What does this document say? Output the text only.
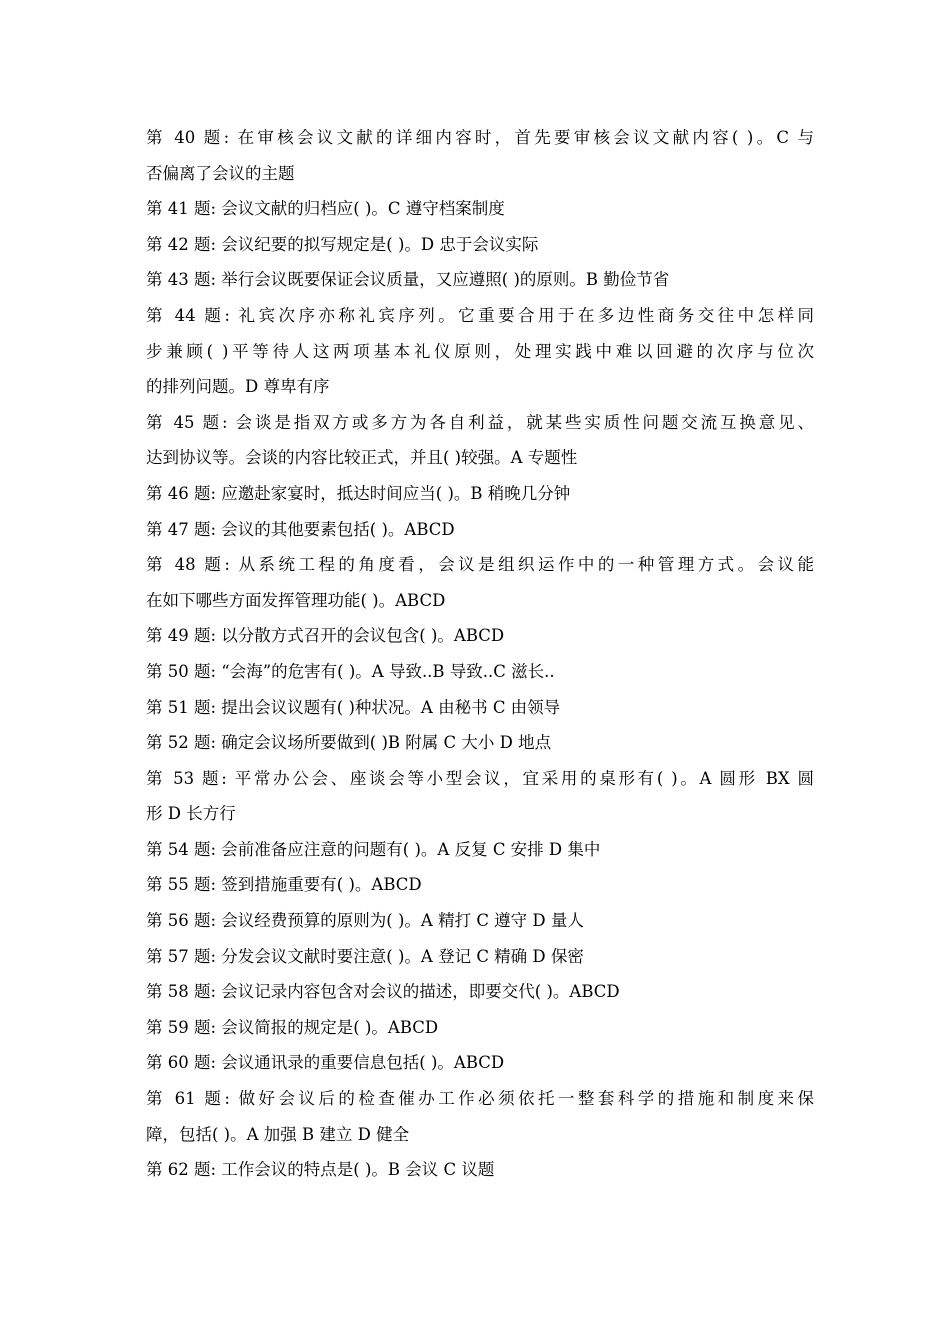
第 40 题: 在审核会议文献的详细内容时，首先要审核会议文献内容( )。C 与
否偏离了会议的主题
第 41 题: 会议文献的归档应( )。C 遵守档案制度
第 42 题: 会议纪要的拟写规定是( )。D 忠于会议实际
第 43 题: 举行会议既要保证会议质量，又应遵照( )的原则。B 勤俭节省
第 44 题: 礼宾次序亦称礼宾序列。它重要合用于在多边性商务交往中怎样同
步兼顾( )平等待人这两项基本礼仪原则，处理实践中难以回避的次序与位次
的排列问题。D 尊卑有序
第 45 题: 会谈是指双方或多方为各自利益，就某些实质性问题交流互换意见、
达到协议等。会谈的内容比较正式，并且( )较强。A 专题性
第 46 题: 应邀赴家宴时，抵达时间应当( )。B 稍晚几分钟
第 47 题: 会议的其他要素包括( )。ABCD
第 48 题: 从系统工程的角度看，会议是组织运作中的一种管理方式。会议能
在如下哪些方面发挥管理功能( )。ABCD
第 49 题: 以分散方式召开的会议包含( )。ABCD
第 50 题: “会海”的危害有( )。A 导致..B 导致..C 滋长..
第 51 题: 提出会议议题有( )种状况。A 由秘书 C 由领导
第 52 题: 确定会议场所要做到( )B 附属 C 大小 D 地点
第 53 题: 平常办公会、座谈会等小型会议，宜采用的桌形有( )。A 圆形 BX 圆
形 D 长方行
第 54 题: 会前准备应注意的问题有( )。A 反复 C 安排 D 集中
第 55 题: 签到措施重要有( )。ABCD
第 56 题: 会议经费预算的原则为( )。A 精打 C 遵守 D 量人
第 57 题: 分发会议文献时要注意( )。A 登记 C 精确 D 保密
第 58 题: 会议记录内容包含对会议的描述，即要交代( )。ABCD
第 59 题: 会议简报的规定是( )。ABCD
第 60 题: 会议通讯录的重要信息包括( )。ABCD
第 61 题: 做好会议后的检查催办工作必须依托一整套科学的措施和制度来保
障，包括( )。A 加强 B 建立 D 健全
第 62 题: 工作会议的特点是( )。B 会议 C 议题
